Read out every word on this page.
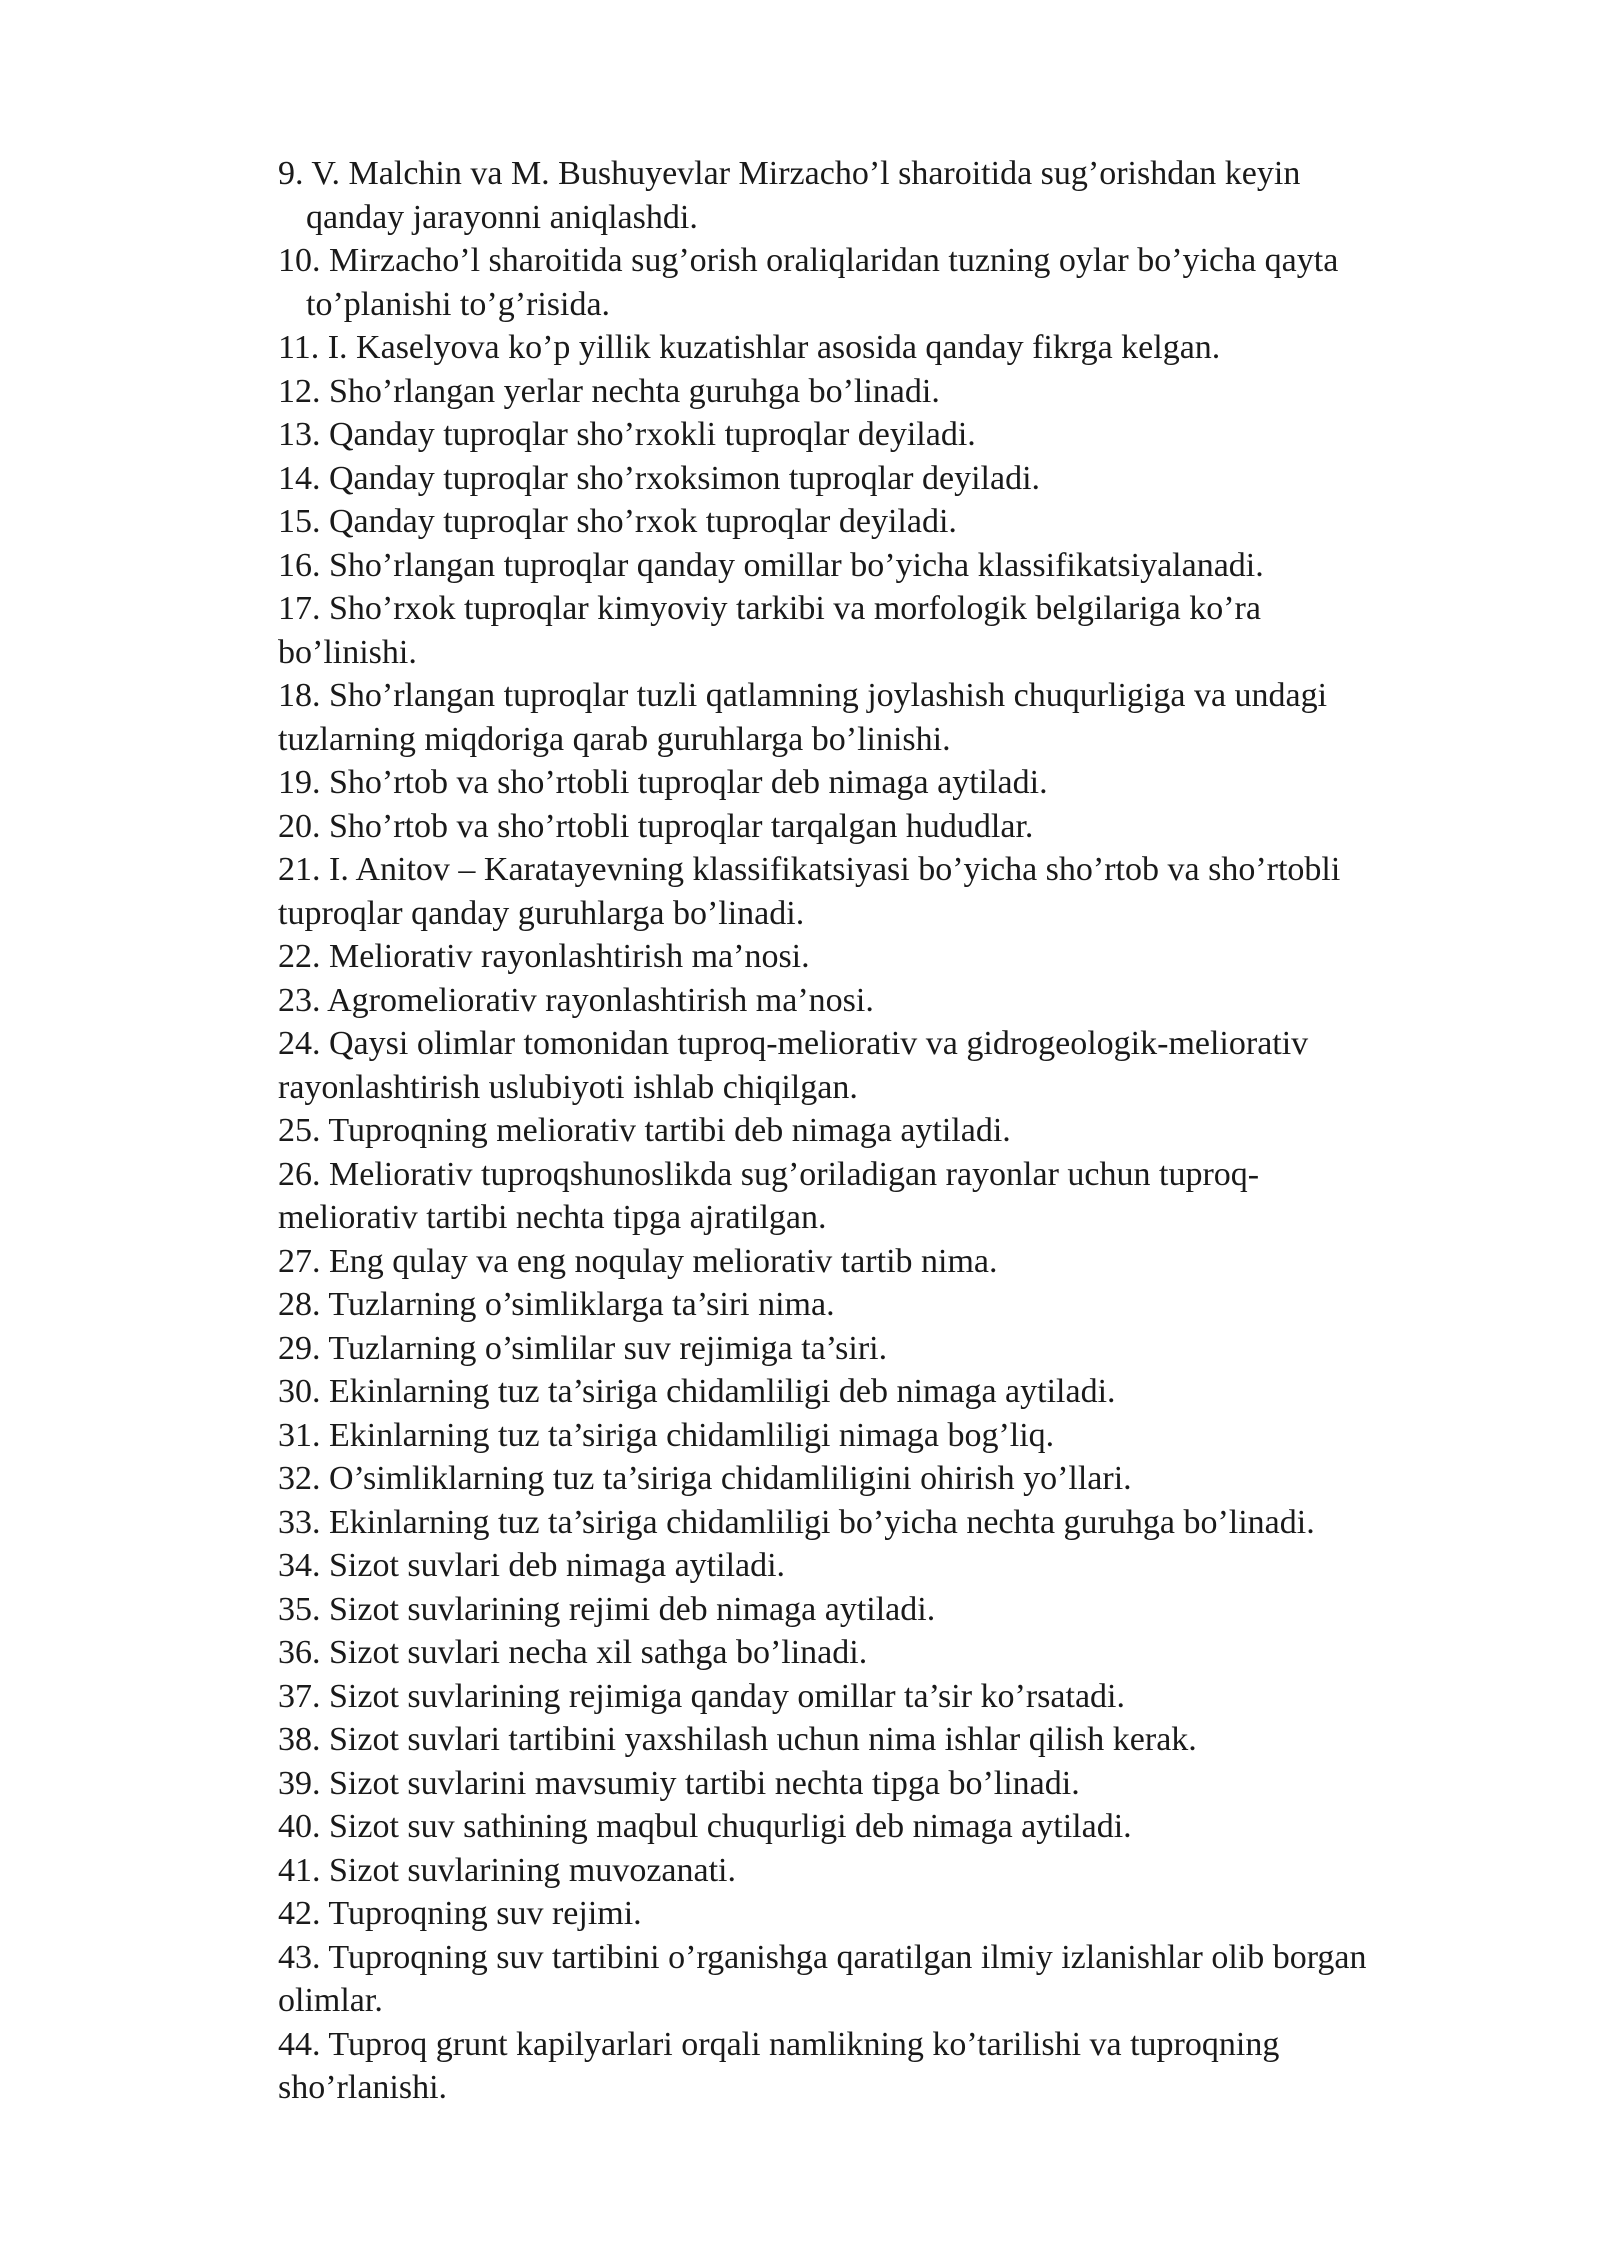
9. V. Malchin va M. Bushuyevlar Mirzacho’l sharoitida sug’orishdan keyin
qanday jarayonni aniqlashdi.

10. Mirzacho’l sharoitida sug’orish oraliqlaridan tuzning oylar bo’yicha qayta
to’planishi to’g’risida.

11. I. Kaselyova ko’p yillik kuzatishlar asosida qanday fikrga kelgan.

12. Sho’rlangan yerlar nechta guruhga bo’linadi.

13. Qanday tuproqlar sho’rxokli tuproqlar deyiladi.

14. Qanday tuproqlar sho’rxoksimon tuproqlar deyiladi.

15. Qanday tuproqlar sho’rxok tuproqlar deyiladi.

16. Sho’rlangan tuproqlar qanday omillar bo’yicha klassifikatsiyalanadi.

17. Sho’rxok tuproqlar kimyoviy tarkibi va morfologik belgilariga ko’ra
bo’linishi.

18. Sho’rlangan tuproqlar tuzli qatlamning joylashish chuqurligiga va undagi
tuzlarning miqdoriga qarab guruhlarga bo’linishi.

19. Sho’rtob va sho’rtobli tuproqlar deb nimaga aytiladi.

20. Sho’rtob va sho’rtobli tuproqlar tarqalgan hududlar.

21. I. Anitov – Karatayevning klassifikatsiyasi bo’yicha sho’rtob va sho’rtobli
tuproqlar qanday guruhlarga bo’linadi.

22. Meliorativ rayonlashtirish ma’nosi.

23. Agromeliorativ rayonlashtirish ma’nosi.

24. Qaysi olimlar tomonidan tuproq-meliorativ va gidrogeologik-meliorativ
rayonlashtirish uslubiyoti ishlab chiqilgan.

25. Tuproqning meliorativ tartibi deb nimaga aytiladi.

26. Meliorativ tuproqshunoslikda sug’oriladigan rayonlar uchun tuproq-
meliorativ tartibi nechta tipga ajratilgan.

27. Eng qulay va eng noqulay meliorativ tartib nima.

28. Tuzlarning o’simliklarga ta’siri nima.

29. Tuzlarning o’simlilar suv rejimiga ta’siri.

30. Ekinlarning tuz ta’siriga chidamliligi deb nimaga aytiladi.

31. Ekinlarning tuz ta’siriga chidamliligi nimaga bog’liq.

32. O’simliklarning tuz ta’siriga chidamliligini ohirish yo’llari.

33. Ekinlarning tuz ta’siriga chidamliligi bo’yicha nechta guruhga bo’linadi.

34. Sizot suvlari deb nimaga aytiladi.

35. Sizot suvlarining rejimi deb nimaga aytiladi.

36. Sizot suvlari necha xil sathga bo’linadi.

37. Sizot suvlarining rejimiga qanday omillar ta’sir ko’rsatadi.

38. Sizot suvlari tartibini yaxshilash uchun nima ishlar qilish kerak.

39. Sizot suvlarini mavsumiy tartibi nechta tipga bo’linadi.

40. Sizot suv sathining maqbul chuqurligi deb nimaga aytiladi.

41. Sizot suvlarining muvozanati.

42. Tuproqning suv rejimi.

43. Tuproqning suv tartibini o’rganishga qaratilgan ilmiy izlanishlar olib borgan
olimlar.

44. Tuproq grunt kapilyarlari orqali namlikning ko’tarilishi va tuproqning
sho’rlanishi.
